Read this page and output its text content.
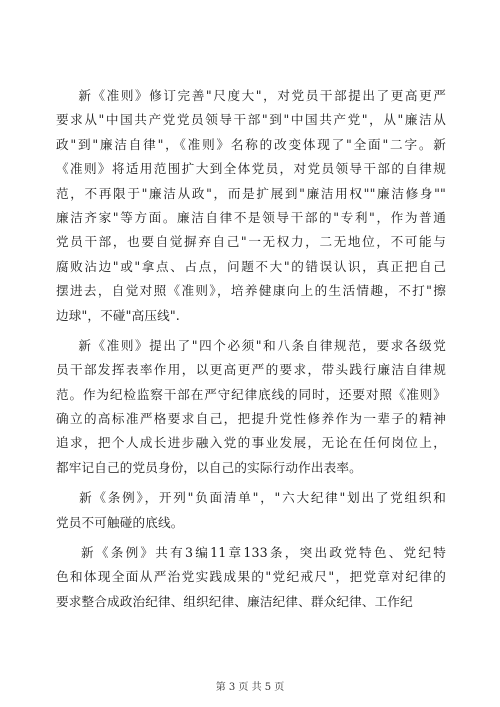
新《准则》修订完善"尺度大"，对党员干部提出了更高更严
要求从"中国共产党党员领导干部"到"中国共产党"，从"廉洁从
政"到"廉洁自律"，《准则》名称的改变体现了"全面"二字。新
《准则》将适用范围扩大到全体党员，对党员领导干部的自律规
范，不再限于"廉洁从政"，而是扩展到"廉洁用权""廉洁修身""
廉洁齐家"等方面。廉洁自律不是领导干部的"专利"，作为普通
党员干部，也要自觉摒弃自己"一无权力，二无地位，不可能与
腐败沾边"或"拿点、占点，问题不大"的错误认识，真正把自己
摆进去，自觉对照《准则》，培养健康向上的生活情趣，不打"擦
边球"，不碰"高压线".
新《准则》提出了"四个必须"和八条自律规范，要求各级党
员干部发挥表率作用，以更高更严的要求，带头践行廉洁自律规
范。作为纪检监察干部在严守纪律底线的同时，还要对照《准则》
确立的高标准严格要求自己，把提升党性修养作为一辈子的精神
追求，把个人成长进步融入党的事业发展，无论在任何岗位上，
都牢记自己的党员身份，以自己的实际行动作出表率。
新《条例》，开列"负面清单"，"六大纪律"划出了党组织和
党员不可触碰的底线。
新《条例》共有3编11章133条，突出政党特色、党纪特
色和体现全面从严治党实践成果的"党纪戒尺"，把党章对纪律的
要求整合成政治纪律、组织纪律、廉洁纪律、群众纪律、工作纪
第 3 页 共 5 页
